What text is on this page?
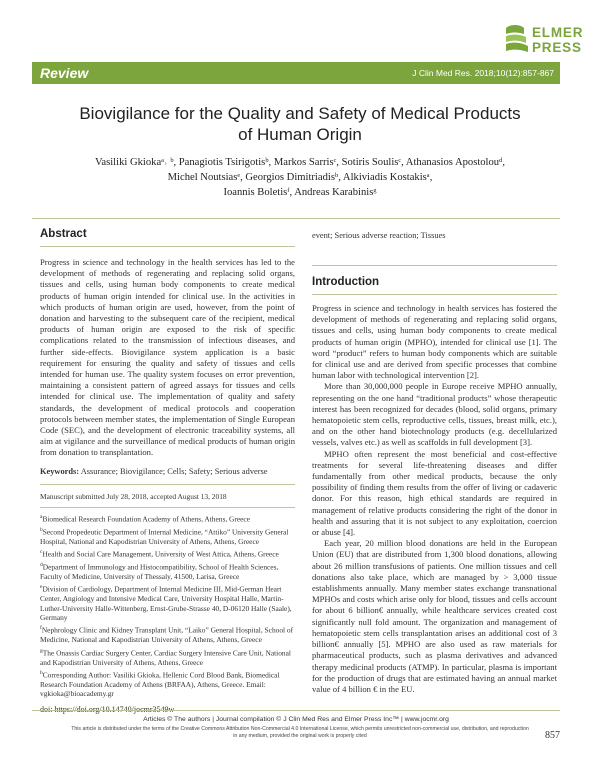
ELMER
PRESS
Review	J Clin Med Res. 2018;10(12):857-867
Biovigilance for the Quality and Safety of Medical Products
of Human Origin
Vasiliki Gkiokaᵃ˒ ᵇ, Panagiotis Tsirigotisᵇ, Markos Sarrisᶜ, Sotiris Soulisᶜ, Athanasios Apostolouᵈ,
Michel Noutsiasᵉ, Georgios Dimitriadisᵇ, Alkiviadis Kostakisᵃ,
Ioannis Boletisᶠ, Andreas Karabinisᵍ
Abstract

Progress in science and technology in the health services has led to the development of methods of regenerating and replacing solid organs, tissues and cells, using human body components to create medical products of human origin intended for clinical use. In the activities in which products of human origin are used, however, from the point of donation and harvesting to the subsequent care of the recipient, medical products of human origin are exposed to the risk of specific complications related to the transmission of infectious diseases, and further side-effects. Biovigilance system application is a basic requirement for ensuring the quality and safety of tissues and cells intended for human use. The quality system focuses on error prevention, maintaining a consistent pattern of agreed assays for tissues and cells intended for clinical use. The implementation of quality and safety standards, the development of medical protocols and cooperation protocols between member states, the implementation of Single European Code (SEC), and the development of electronic traceability systems, all aim at vigilance and the surveillance of medical products of human origin from donation to transplantation.

Keywords: Assurance; Biovigilance; Cells; Safety; Serious adverse

Manuscript submitted July 28, 2018, accepted August 13, 2018

$^a$Biomedical Research Foundation Academy of Athens, Athens, Greece

$^b$Second Propedeutic Department of Internal Medicine, “Attiko” University General Hospital, National and Kapodistrian University of Athens, Athens, Greece

$^c$Health and Social Care Management, University of West Attica, Athens, Greece

$^d$Department of Immunology and Histocompatibility, School of Health Sciences, Faculty of Medicine, University of Thessaly, 41500, Larisa, Greece

$^e$Division of Cardiology, Department of Internal Medicine III, Mid-German Heart Center, Angiology and Intensive Medical Care, University Hospital Halle, Martin-Luther-University Halle-Wittenberg, Ernst-Grube-Strasse 40, D-06120 Halle (Saale), Germany

$^f$Nephrology Clinic and Kidney Transplant Unit, “Laiko” General Hospital, School of Medicine, National and Kapodistrian University of Athens, Athens, Greece

$^g$The Onassis Cardiac Surgery Center, Cardiac Surgery Intensive Care Unit, National and Kapodistrian University of Athens, Athens, Greece

$^h$Corresponding Author: Vasiliki Gkioka, Hellenic Cord Blood Bank, Biomedical Research Foundation Academy of Athens (BRFAA), Athens, Greece. Email: vgkioka@bioacademy.gr

event; Serious adverse reaction; Tissues

Introduction

Progress in science and technology in health services has fostered the development of methods of regenerating and replacing solid organs, tissues and cells, using human body components to create medical products of human origin (MPHO), intended for clinical use [1]. The word “product” refers to human body components which are suitable for clinical use and are derived from specific processes that combine human labor with technological intervention [2].

More than 30,000,000 people in Europe receive MPHO annually, representing on the one hand “traditional products” whose therapeutic interest has been recognized for decades (blood, solid organs, primary hematopoietic stem cells, reproductive cells, tissues, breast milk, etc.), and on the other hand biotechnology products (e.g. decellularized vessels, valves etc.) as well as scaffolds in full development [3].

MPHO often represent the most beneficial and cost-effective treatments for several life-threatening diseases and differ fundamentally from other medical products, because the only possibility of finding them results from the offer of living or cadaveric donor. For this reason, high ethical standards are required in management of relative products considering the right of the donor in health and assuring that it is not subject to any exploitation, coercion or abuse [4].

Each year, 20 million blood donations are held in the European Union (EU) that are distributed from 1,300 blood donations, allowing about 26 million transfusions of patients. One million tissues and cell donations also take place, which are managed by > 3,000 tissue establishments annually. Many member states exchange transnational MPHOs and costs which arise only for blood, tissues and cells account for about 6 billion€ annually, while healthcare services created cost significantly null fold amount. The organization and management of hematopoietic stem cells transplantation arises an additional cost of 3 billion€ annually [5]. MPHO are also used as raw materials for pharmaceutical products, such as plasma derivatives and advanced therapy medicinal products (ATMP). In particular, plasma is important for the production of drugs that are estimated having an annual market value of 4 billion € in the EU.

Articles © The authors | Journal compilation © J Clin Med Res and Elmer Press Inc™ | www.jocmr.org
This article is distributed under the terms of the Creative Commons Attribution Non-Commercial 4.0 International License, which permits unrestricted non-commercial use, distribution, and reproduction in any medium, provided the original work is properly cited	857
